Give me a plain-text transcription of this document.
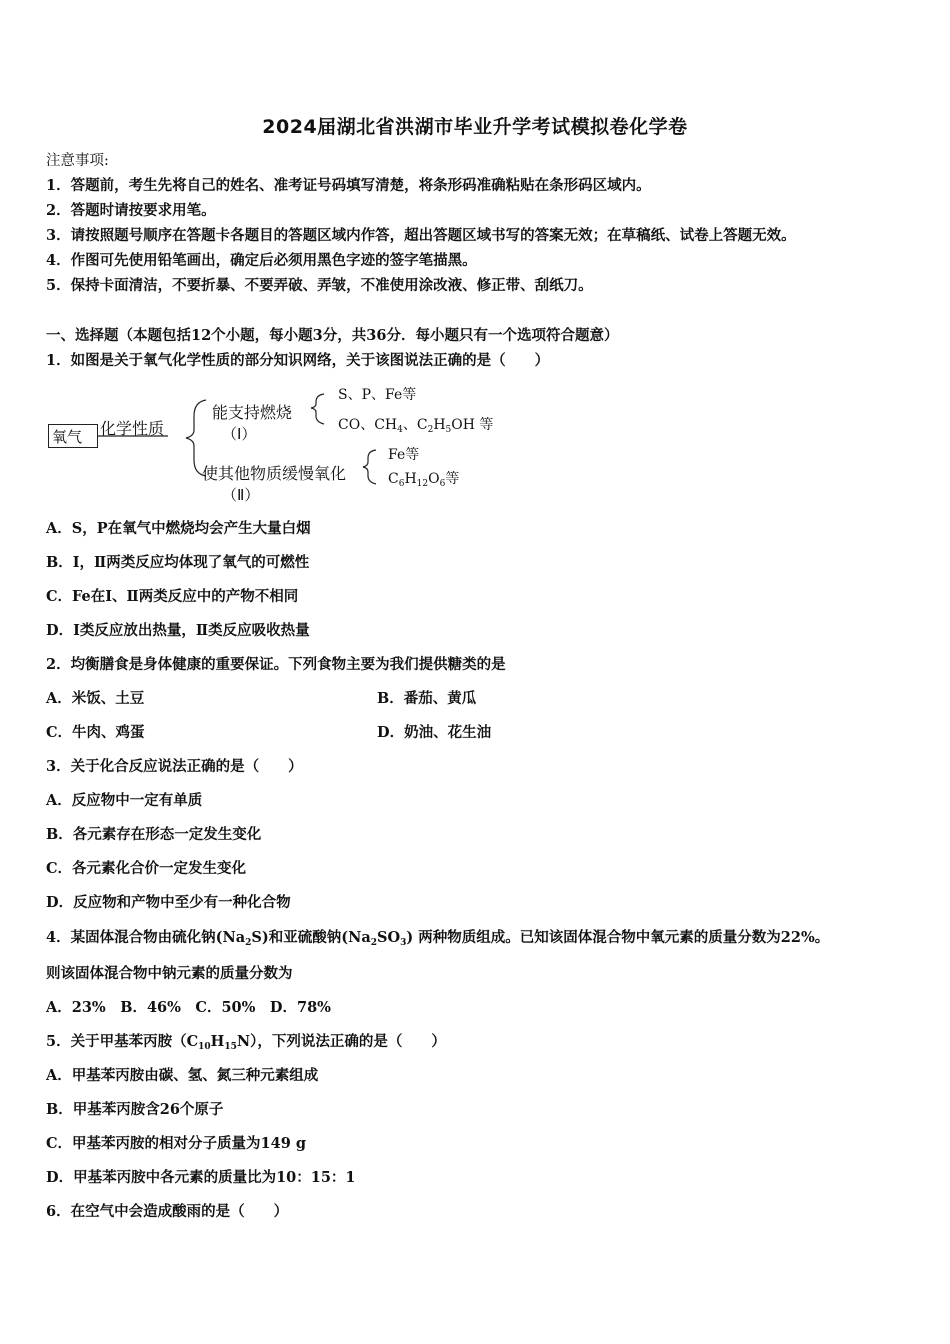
2024届湖北省洪湖市毕业升学考试模拟卷化学卷
注意事项:
1．答题前，考生先将自己的姓名、准考证号码填写清楚，将条形码准确粘贴在条形码区域内。
2．答题时请按要求用笔。
3．请按照题号顺序在答题卡各题目的答题区域内作答，超出答题区域书写的答案无效；在草稿纸、试卷上答题无效。
4．作图可先使用铅笔画出，确定后必须用黑色字迹的签字笔描黑。
5．保持卡面清洁，不要折暴、不要弄破、弄皱，不准使用涂改液、修正带、刮纸刀。
一、选择题（本题包括12个小题，每小题3分，共36分．每小题只有一个选项符合题意）
1．如图是关于氧气化学性质的部分知识网络，关于该图说法正确的是（　　）
氧气	化学性质
能支持燃烧
（Ⅰ）
S、P、Fe等
CO、$CH_4$、$C_2H_5OH$ 等
使其他物质缓慢氧化
（Ⅱ）
Fe等
$C_6H_{12}O_6$等
A．S，P在氧气中燃烧均会产生大量白烟
B．Ⅰ，Ⅱ两类反应均体现了氧气的可燃性
C．Fe在Ⅰ、Ⅱ两类反应中的产物不相同
D．Ⅰ类反应放出热量，Ⅱ类反应吸收热量
2．均衡膳食是身体健康的重要保证。下列食物主要为我们提供糖类的是
A．米饭、土豆	B．番茄、黄瓜
C．牛肉、鸡蛋	D．奶油、花生油
3．关于化合反应说法正确的是（　　）
A．反应物中一定有单质
B．各元素存在形态一定发生变化
C．各元素化合价一定发生变化
D．反应物和产物中至少有一种化合物
4．某固体混合物由硫化钠$(Na_2S)$和亚硫酸钠$(Na_2SO_3)$ 两种物质组成。已知该固体混合物中氧元素的质量分数为22%。
则该固体混合物中钠元素的质量分数为
A．23%　B．46%　C．50%　D．78%
5．关于甲基苯丙胺$(C_{10}H_{15}N)$，下列说法正确的是（　　）
A．甲基苯丙胺由碳、氢、氮三种元素组成
B．甲基苯丙胺含26个原子
C．甲基苯丙胺的相对分子质量为149 g
D．甲基苯丙胺中各元素的质量比为10：15：1
6．在空气中会造成酸雨的是（　　）
